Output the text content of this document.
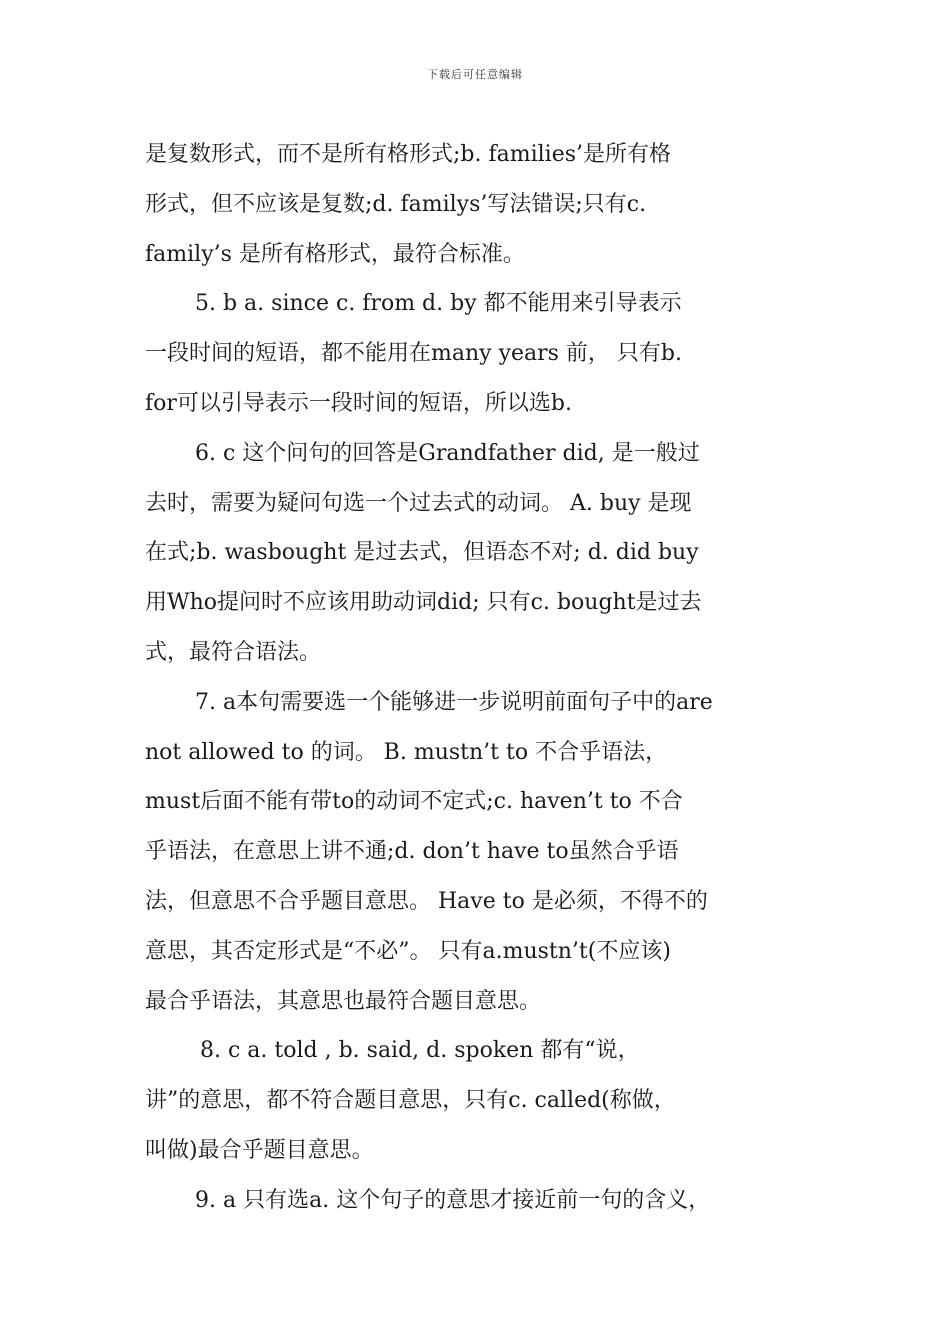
下载后可任意编辑
是复数形式，而不是所有格形式;b. families’是所有格
形式，但不应该是复数;d. familys’写法错误;只有c.
family’s 是所有格形式，最符合标准。
5. b a. since c. from d. by 都不能用来引导表示
一段时间的短语，都不能用在many years 前， 只有b.
for可以引导表示一段时间的短语，所以选b.
6. c 这个问句的回答是Grandfather did, 是一般过
去时，需要为疑问句选一个过去式的动词。 A. buy 是现
在式;b. wasbought 是过去式，但语态不对; d. did buy
用Who提问时不应该用助动词did; 只有c. bought是过去
式，最符合语法。
7. a本句需要选一个能够进一步说明前面句子中的are
not allowed to 的词。 B. mustn’t to 不合乎语法，
must后面不能有带to的动词不定式;c. haven’t to 不合
乎语法，在意思上讲不通;d. don’t have to虽然合乎语
法，但意思不合乎题目意思。 Have to 是必须，不得不的
意思，其否定形式是“不必”。 只有a.mustn’t(不应该)
最合乎语法，其意思也最符合题目意思。
8. c a. told , b. said, d. spoken 都有“说，
讲”的意思，都不符合题目意思，只有c. called(称做，
叫做)最合乎题目意思。
9. a 只有选a. 这个句子的意思才接近前一句的含义，
